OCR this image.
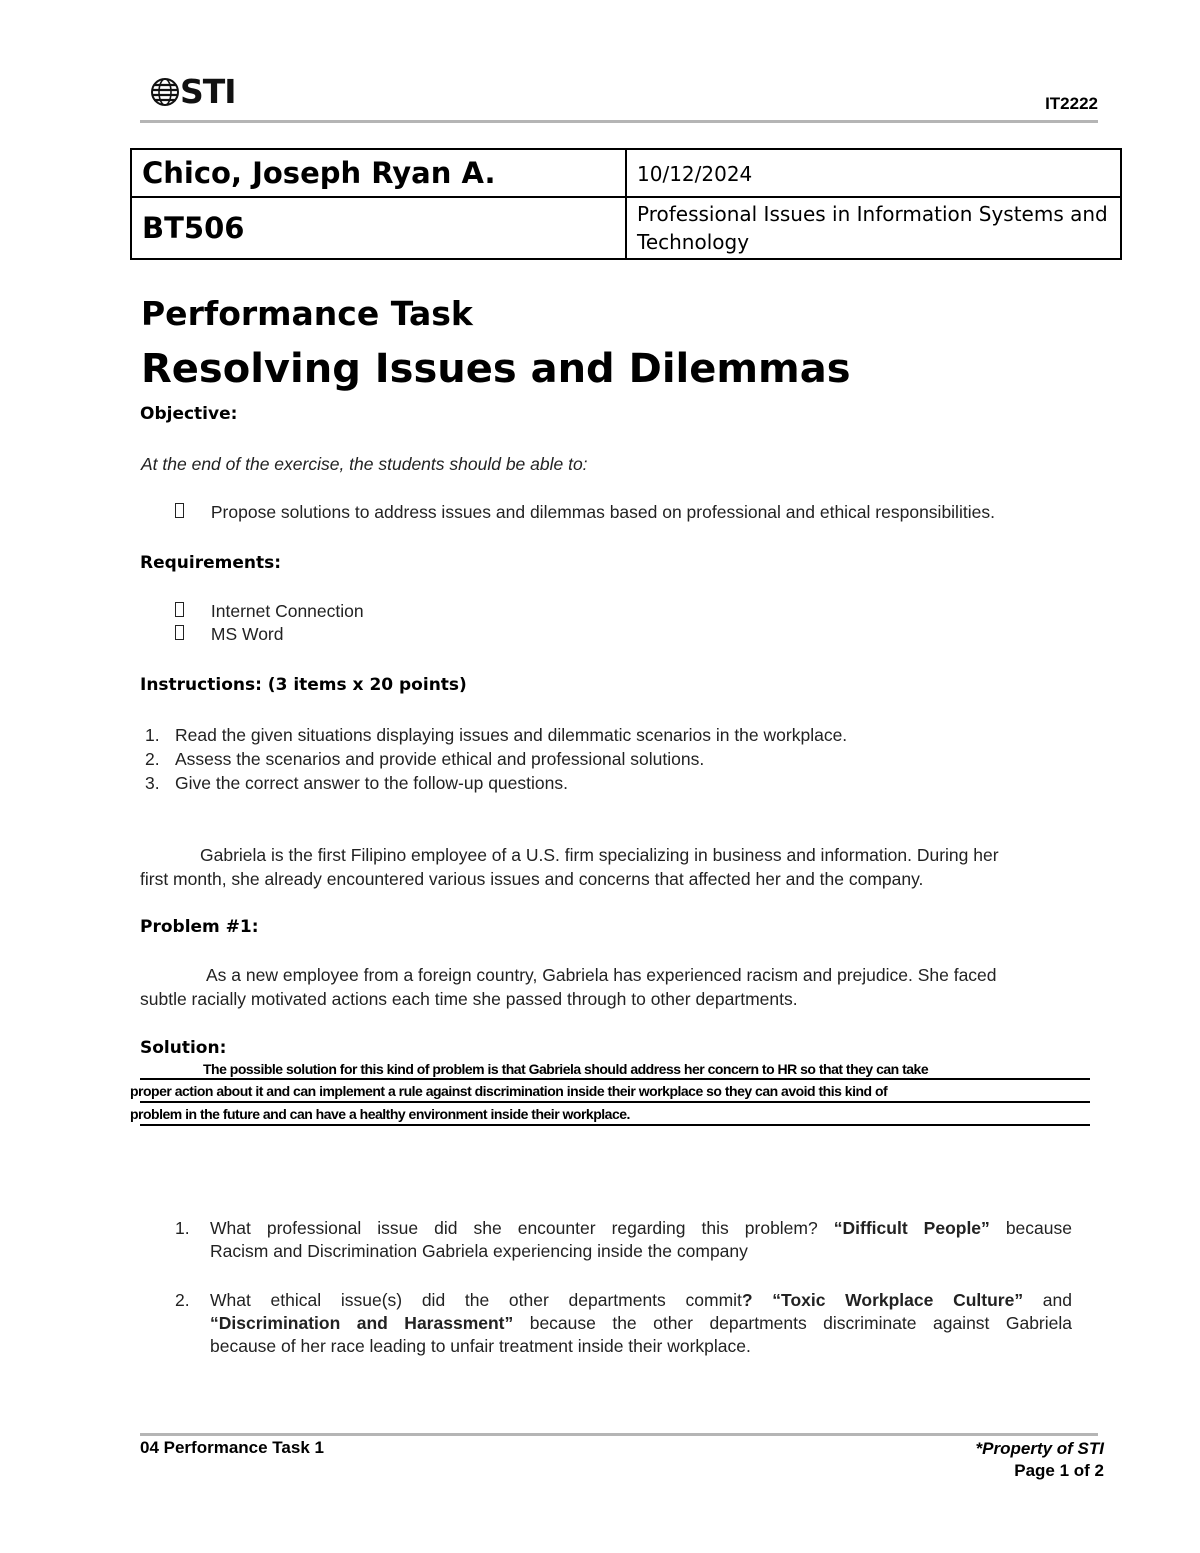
STI	IT2222
Chico, Joseph Ryan A.	10/12/2024
BT506	Professional Issues in Information Systems and Technology
Performance Task
Resolving Issues and Dilemmas
Objective:
At the end of the exercise, the students should be able to:
Propose solutions to address issues and dilemmas based on professional and ethical responsibilities.
Requirements:
Internet Connection
MS Word
Instructions: (3 items x 20 points)
1. Read the given situations displaying issues and dilemmatic scenarios in the workplace.
2. Assess the scenarios and provide ethical and professional solutions.
3. Give the correct answer to the follow-up questions.
Gabriela is the first Filipino employee of a U.S. firm specializing in business and information. During her
first month, she already encountered various issues and concerns that affected her and the company.
Problem #1:
As a new employee from a foreign country, Gabriela has experienced racism and prejudice. She faced
subtle racially motivated actions each time she passed through to other departments.
Solution:
The possible solution for this kind of problem is that Gabriela should address her concern to HR so that they can take
proper action about it and can implement a rule against discrimination inside their workplace so they can avoid this kind of
problem in the future and can have a healthy environment inside their workplace.
1. What professional issue did she encounter regarding this problem? “Difficult People” because
Racism and Discrimination Gabriela experiencing inside the company
2. What ethical issue(s) did the other departments commit? “Toxic Workplace Culture” and
“Discrimination and Harassment” because the other departments discriminate against Gabriela
because of her race leading to unfair treatment inside their workplace.
04 Performance Task 1	*Property of STI
Page 1 of 2
